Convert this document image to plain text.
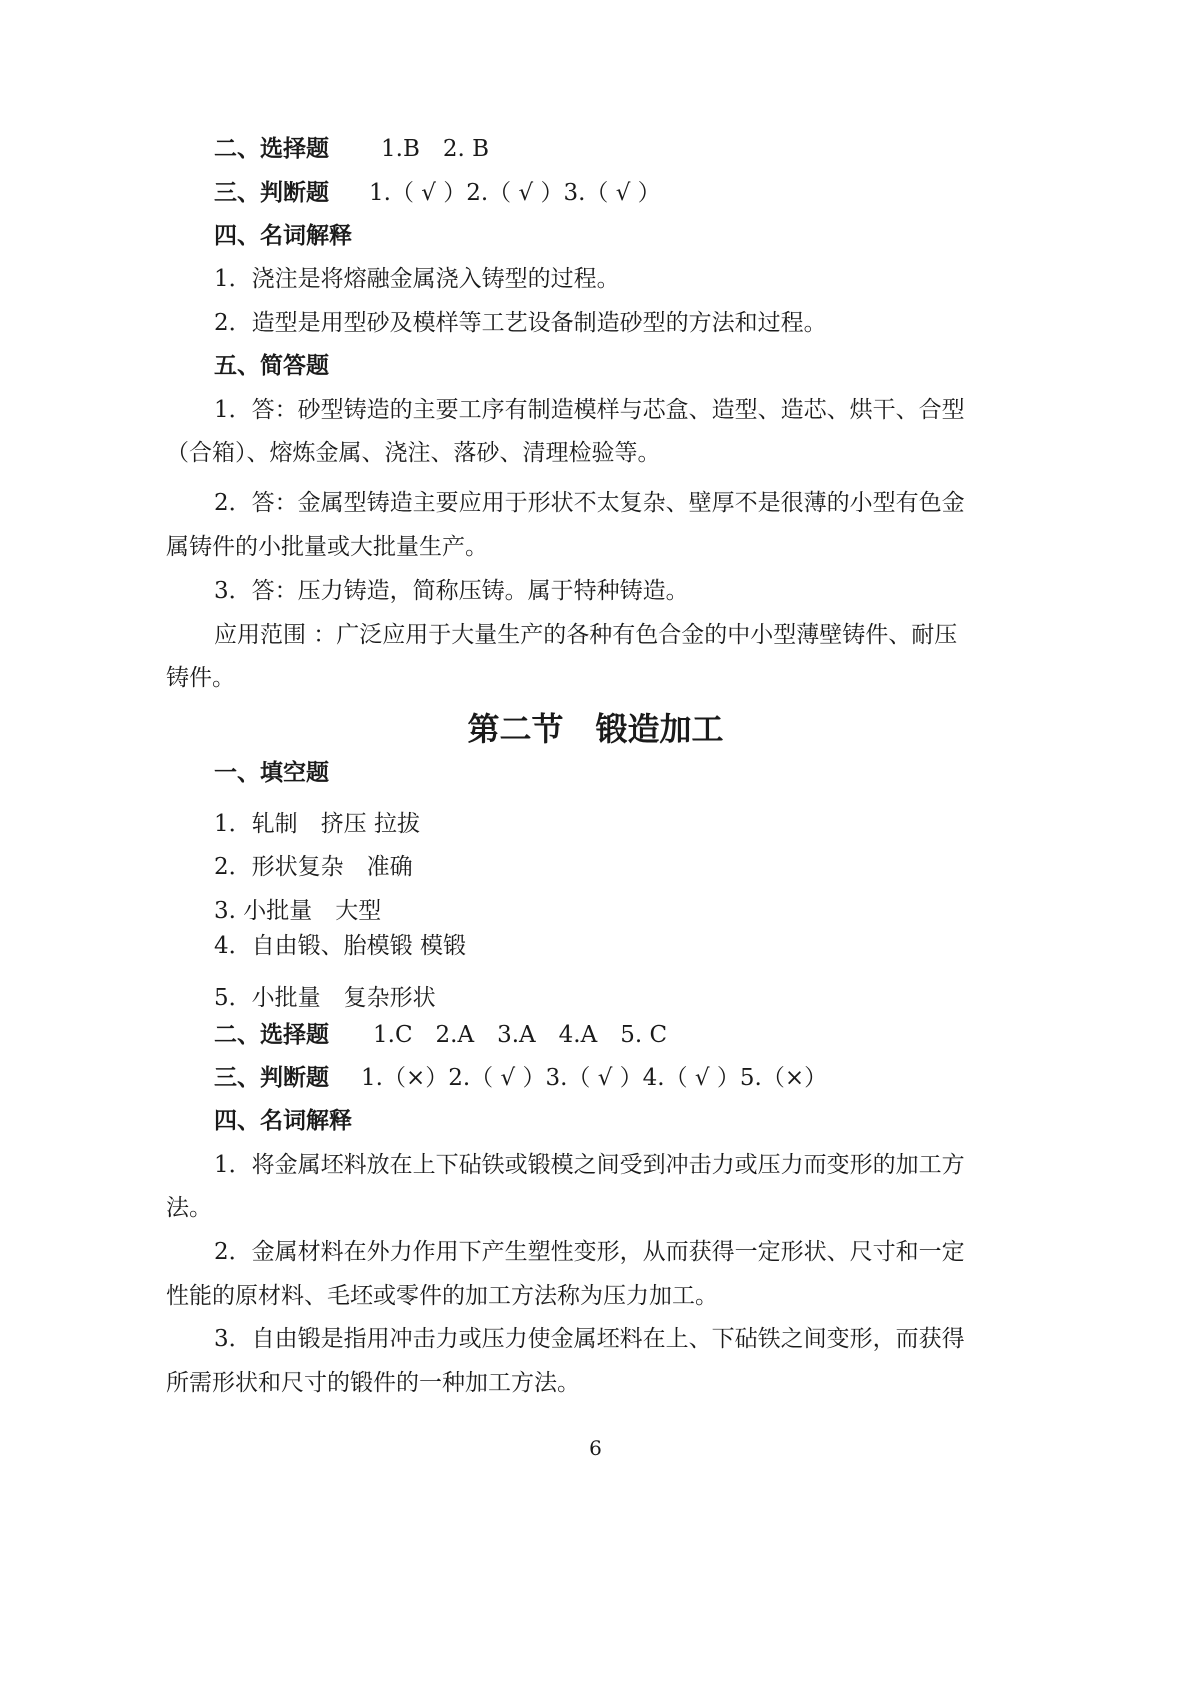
二、选择题 1.B　2. B
三、判断题 1.（ √ ）2.（ √ ）3.（ √ ）
四、名词解释
1．浇注是将熔融金属浇入铸型的过程。
2．造型是用型砂及模样等工艺设备制造砂型的方法和过程。
五、简答题
1．答：砂型铸造的主要工序有制造模样与芯盒、造型、造芯、烘干、合型
（合箱）、熔炼金属、浇注、落砂、清理检验等。
2．答：金属型铸造主要应用于形状不太复杂、壁厚不是很薄的小型有色金
属铸件的小批量或大批量生产。
3．答：压力铸造，简称压铸。属于特种铸造。
应用范围 ：广泛应用于大量生产的各种有色合金的中小型薄壁铸件、耐压
铸件。
第二节　锻造加工
一、填空题
1．轧制　挤压 拉拔
2．形状复杂　准确
3. 小批量　大型
4．自由锻、胎模锻 模锻
5．小批量　复杂形状
二、选择题 1.C　2.A　3.A　4.A　5. C
三、判断题 1.（×）2.（ √ ）3.（ √ ）4.（ √ ）5.（×）
四、名词解释
1．将金属坯料放在上下砧铁或锻模之间受到冲击力或压力而变形的加工方
法。
2．金属材料在外力作用下产生塑性变形，从而获得一定形状、尺寸和一定
性能的原材料、毛坯或零件的加工方法称为压力加工。
3．自由锻是指用冲击力或压力使金属坯料在上、下砧铁之间变形，而获得
所需形状和尺寸的锻件的一种加工方法。
6
